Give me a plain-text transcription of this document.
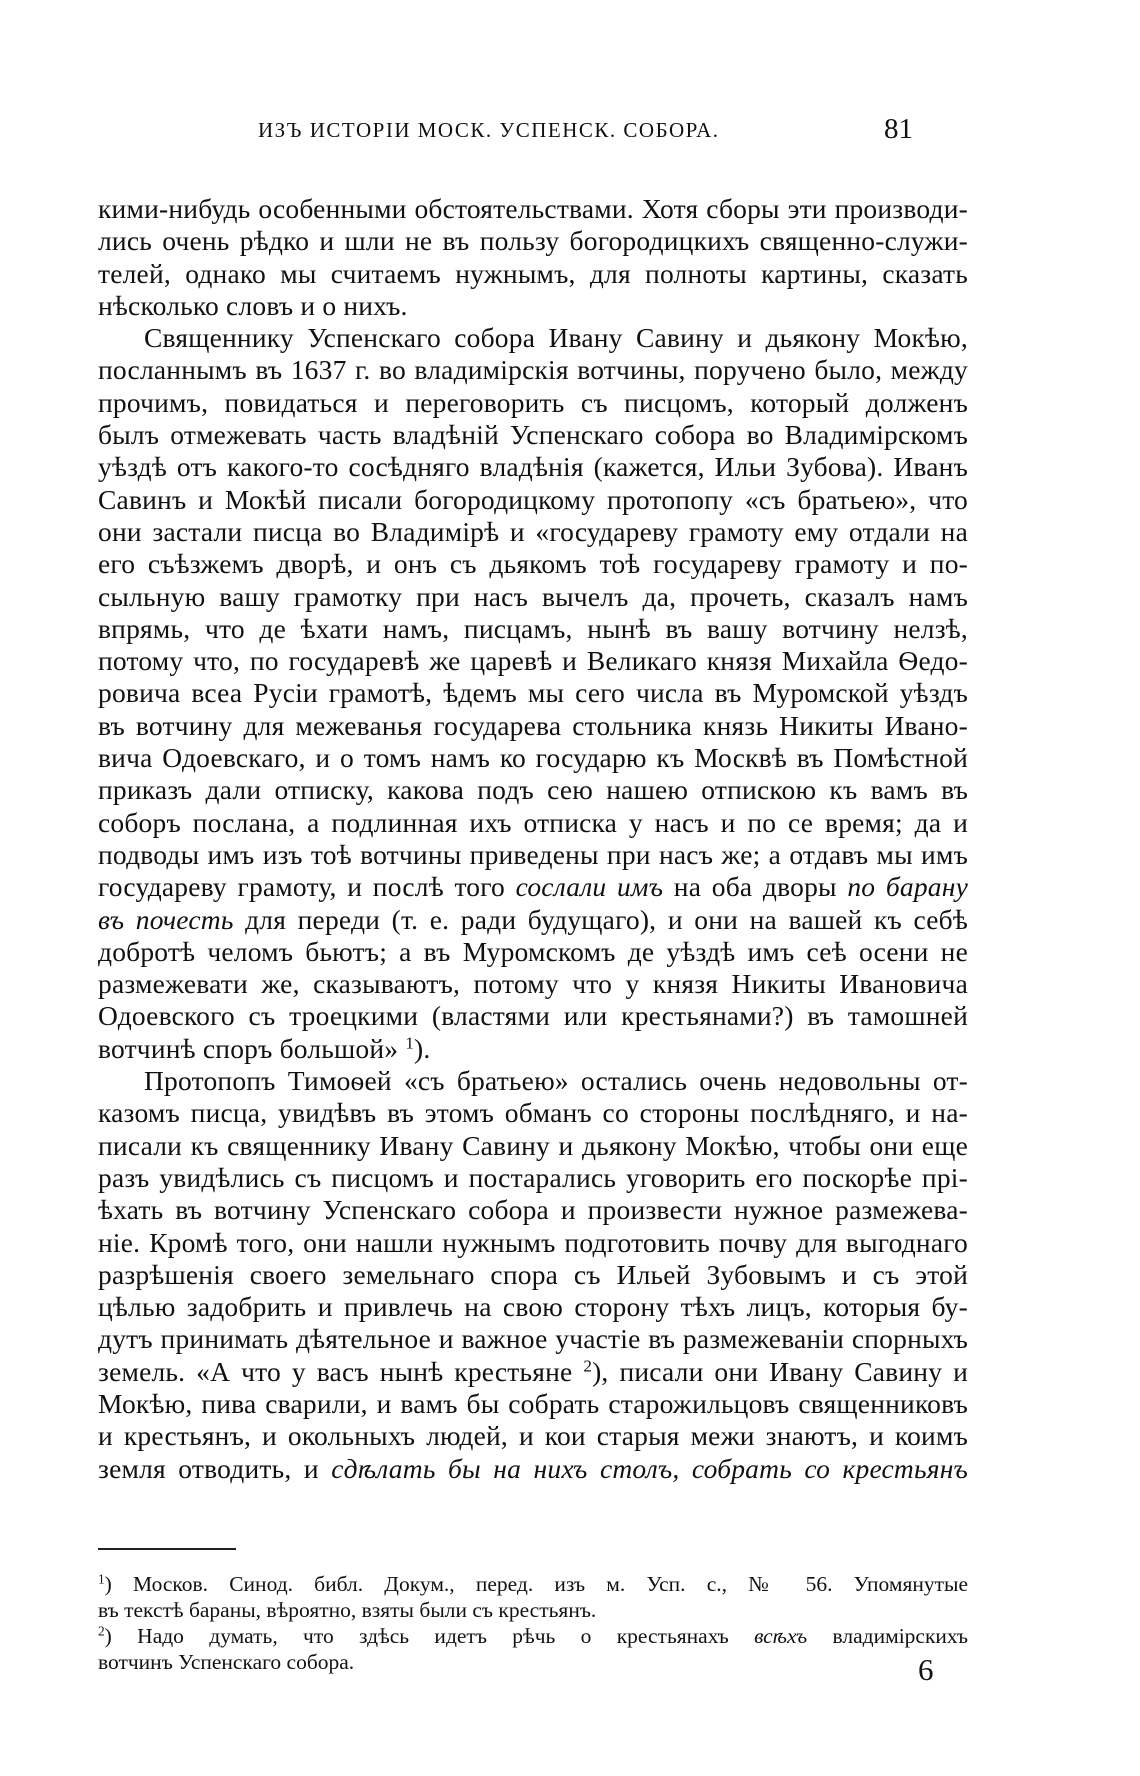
ИЗЪ ИСТОРІИ МОСК. УСПЕНСК. СОБОРА.	81
кими-нибудь особенными обстоятельствами. Хотя сборы эти производи-
лись очень рѣдко и шли не въ пользу богородицкихъ священно-служи-
телей, однако мы считаемъ нужнымъ, для полноты картины, сказать
нѣсколько словъ и о нихъ.
Священнику Успенскаго собора Ивану Савину и дьякону Мокѣю,
посланнымъ въ 1637 г. во владимірскія вотчины, поручено было, между
прочимъ, повидаться и переговорить съ писцомъ, который долженъ
былъ отмежевать часть владѣній Успенскаго собора во Владимірскомъ
уѣздѣ отъ какого-то сосѣдняго владѣнія (кажется, Ильи Зубова). Иванъ
Савинъ и Мокѣй писали богородицкому протопопу «съ братьею», что
они застали писца во Владимірѣ и «государеву грамоту ему отдали на
его съѣзжемъ дворѣ, и онъ съ дьякомъ тоѣ государеву грамоту и по-
сыльную вашу грамотку при насъ вычелъ да, прочеть, сказалъ намъ
впрямь, что де ѣхати намъ, писцамъ, нынѣ въ вашу вотчину нелзѣ,
потому что, по государевѣ же царевѣ и Великаго князя Михайла Ѳедо-
ровича всеа Русіи грамотѣ, ѣдемъ мы сего числа въ Муромской уѣздъ
въ вотчину для межеванья государева стольника князь Никиты Ивано-
вича Одоевскаго, и о томъ намъ ко государю къ Москвѣ въ Помѣстной
приказъ дали отписку, какова подъ сею нашею отпискою къ вамъ въ
соборъ послана, а подлинная ихъ отписка у насъ и по се время; да и
подводы имъ изъ тоѣ вотчины приведены при насъ же; а отдавъ мы имъ
государеву грамоту, и послѣ того сослали имъ на оба дворы по барану
въ почесть для переди (т. е. ради будущаго), и они на вашей къ себѣ
добротѣ челомъ бьютъ; а въ Муромскомъ де уѣздѣ имъ сеѣ осени не
размежевати же, сказываютъ, потому что у князя Никиты Ивановича
Одоевского съ троецкими (властями или крестьянами?) въ тамошней
вотчинѣ споръ большой» $^1$).
Протопопъ Тимоѳей «съ братьею» остались очень недовольны от-
казомъ писца, увидѣвъ въ этомъ обманъ со стороны послѣдняго, и на-
писали къ священнику Ивану Савину и дьякону Мокѣю, чтобы они еще
разъ увидѣлись съ писцомъ и постарались уговорить его поскорѣе прі-
ѣхать въ вотчину Успенскаго собора и произвести нужное размежева-
ніе. Кромѣ того, они нашли нужнымъ подготовить почву для выгоднаго
разрѣшенія своего земельнаго спора съ Ильей Зубовымъ и съ этой
цѣлью задобрить и привлечь на свою сторону тѣхъ лицъ, которыя бу-
дутъ принимать дѣятельное и важное участіе въ размежеваніи спорныхъ
земель. «А что у васъ нынѣ крестьяне $^2$), писали они Ивану Савину и
Мокѣю, пива сварили, и вамъ бы собрать старожильцовъ священниковъ
и крестьянъ, и окольныхъ людей, и кои старыя межи знаютъ, и коимъ
земля отводить, и сдѣлать бы на нихъ столъ, собрать со крестьянъ
$^1$) Москов. Синод. библ. Докум., перед. изъ м. Усп. с., № 56. Упомянутые
въ текстѣ бараны, вѣроятно, взяты были съ крестьянъ.
$^2$) Надо думать, что здѣсь идетъ рѣчь о крестьянахъ всѣхъ владимірскихъ
вотчинъ Успенскаго собора.	6
